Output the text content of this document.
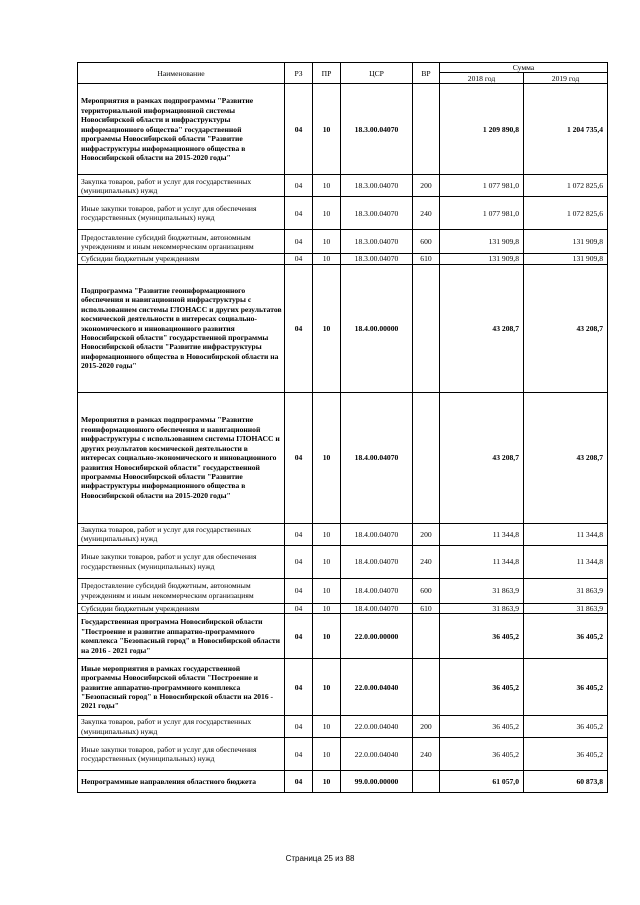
Наименование	РЗ	ПР	ЦСР	ВР	Сумма	
					2018 год	2019 год
Мероприятия в рамках подпрограммы "Развитие территориальной информационной системы Новосибирской области и инфраструктуры информационного общества" государственной программы Новосибирской области "Развитие инфраструктуры информационного общества в Новосибирской области на 2015-2020 годы"	04	10	18.3.00.04070		1 209 890,8	1 204 735,4
Закупка товаров, работ и услуг для государственных (муниципальных) нужд	04	10	18.3.00.04070	200	1 077 981,0	1 072 825,6
Иные закупки товаров, работ и услуг для обеспечения государственных (муниципальных) нужд	04	10	18.3.00.04070	240	1 077 981,0	1 072 825,6
Предоставление субсидий бюджетным, автономным учреждениям и иным некоммерческим организациям	04	10	18.3.00.04070	600	131 909,8	131 909,8
Субсидии бюджетным учреждениям	04	10	18.3.00.04070	610	131 909,8	131 909,8
Подпрограмма "Развитие геоинформационного обеспечения и навигационной инфраструктуры с использованием системы ГЛОНАСС и других результатов космической деятельности в интересах социально-экономического и инновационного развития Новосибирской области" государственной программы Новосибирской области "Развитие инфраструктуры информационного общества в Новосибирской области на 2015-2020 годы"	04	10	18.4.00.00000		43 208,7	43 208,7
Мероприятия в рамках подпрограммы "Развитие геоинформационного обеспечения и навигационной инфраструктуры с использованием системы ГЛОНАСС и других результатов космической деятельности в интересах социально-экономического и инновационного развития Новосибирской области" государственной программы Новосибирской области "Развитие инфраструктуры информационного общества в Новосибирской области на 2015-2020 годы"	04	10	18.4.00.04070		43 208,7	43 208,7
Закупка товаров, работ и услуг для государственных (муниципальных) нужд	04	10	18.4.00.04070	200	11 344,8	11 344,8
Иные закупки товаров, работ и услуг для обеспечения государственных (муниципальных) нужд	04	10	18.4.00.04070	240	11 344,8	11 344,8
Предоставление субсидий бюджетным, автономным учреждениям и иным некоммерческим организациям	04	10	18.4.00.04070	600	31 863,9	31 863,9
Субсидии бюджетным учреждениям	04	10	18.4.00.04070	610	31 863,9	31 863,9
Государственная программа Новосибирской области "Построение и развитие аппаратно-программного комплекса "Безопасный город" в Новосибирской области на 2016 - 2021 годы"	04	10	22.0.00.00000		36 405,2	36 405,2
Иные мероприятия в рамках государственной программы Новосибирской области "Построение и развитие аппаратно-программного комплекса "Безопасный город" в Новосибирской области на 2016 - 2021 годы"	04	10	22.0.00.04040		36 405,2	36 405,2
Закупка товаров, работ и услуг для государственных (муниципальных) нужд	04	10	22.0.00.04040	200	36 405,2	36 405,2
Иные закупки товаров, работ и услуг для обеспечения государственных (муниципальных) нужд	04	10	22.0.00.04040	240	36 405,2	36 405,2
Непрограммные направления областного бюджета	04	10	99.0.00.00000		61 057,0	60 873,8
Страница 25 из 88
